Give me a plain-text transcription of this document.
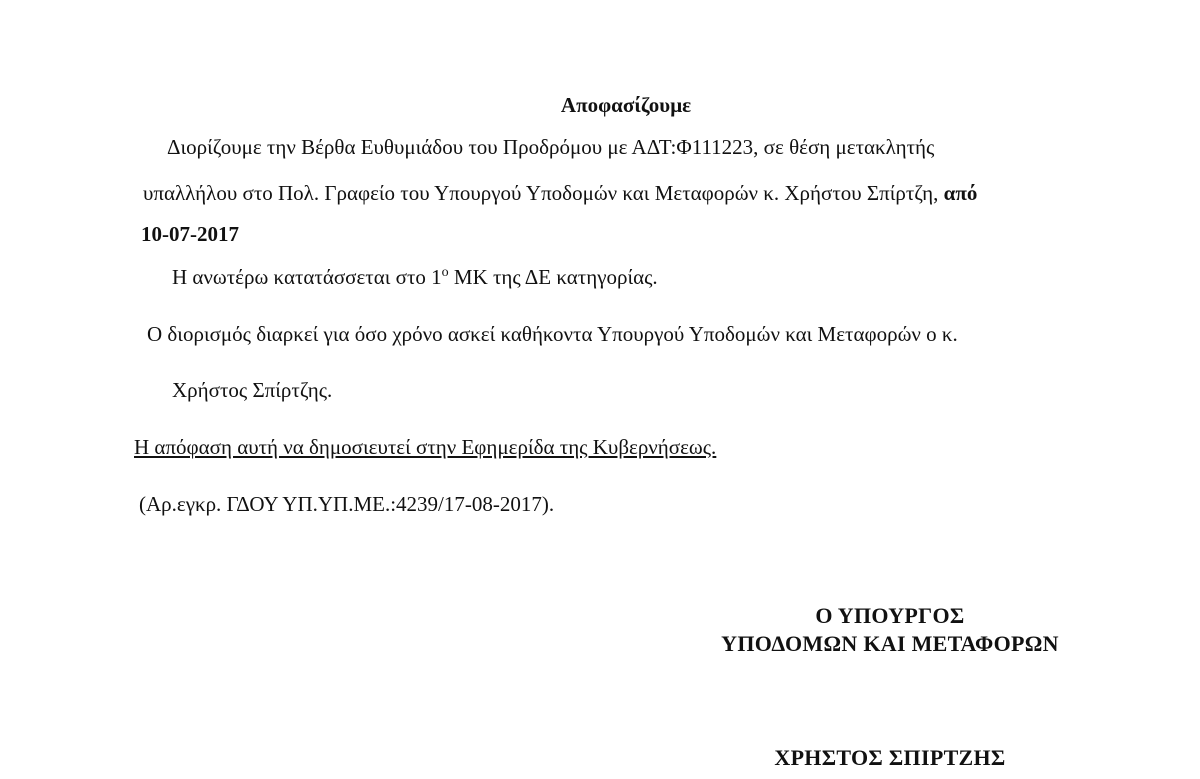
Αποφασίζουμε
Διορίζουμε την Βέρθα Ευθυμιάδου του Προδρόμου με ΑΔΤ:Φ111223, σε θέση μετακλητής
υπαλλήλου στο Πολ. Γραφείο του Υπουργού Υποδομών και Μεταφορών κ. Χρήστου Σπίρτζη, από
10-07-2017
Η ανωτέρω κατατάσσεται στο $1^o$ ΜΚ της ΔΕ κατηγορίας.
Ο διορισμός διαρκεί για όσο χρόνο ασκεί καθήκοντα Υπουργού Υποδομών και Μεταφορών ο κ.
Χρήστος Σπίρτζης.
Η απόφαση αυτή να δημοσιευτεί στην Εφημερίδα της Κυβερνήσεως.
(Αρ.εγκρ. ΓΔΟΥ ΥΠ.ΥΠ.ΜΕ.:4239/17-08-2017).
Ο ΥΠΟΥΡΓΟΣ
ΥΠΟΔΟΜΩΝ ΚΑΙ ΜΕΤΑΦΟΡΩΝ
ΧΡΗΣΤΟΣ ΣΠΙΡΤΖΗΣ
